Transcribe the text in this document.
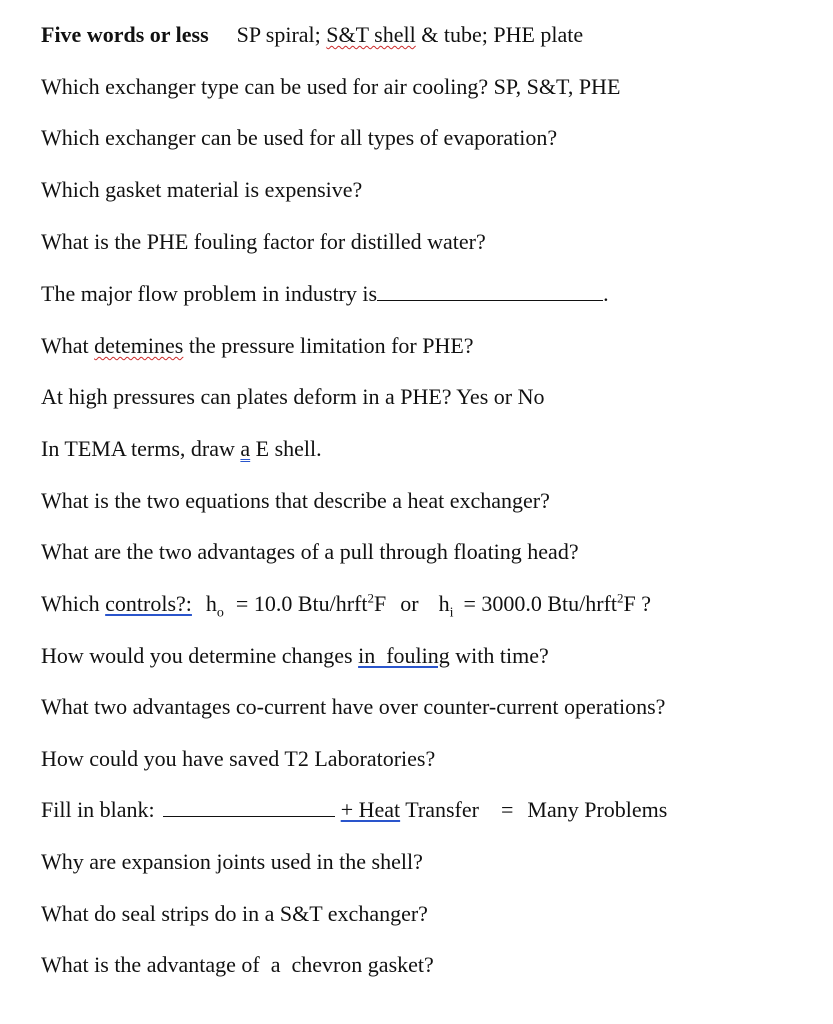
Five words or less SP spiral; S&T shell & tube; PHE plate
Which exchanger type can be used for air cooling? SP, S&T, PHE
Which exchanger can be used for all types of evaporation?
Which gasket material is expensive?
What is the PHE fouling factor for distilled water?
The major flow problem in industry is	.
What detemines the pressure limitation for PHE?
At high pressures can plates deform in a PHE? Yes or No
In TEMA terms, draw a E shell.
What is the two equations that describe a heat exchanger?
What are the two advantages of a pull through floating head?
Which controls?: $h_o = 10.0$ Btu/hrft$^2$F or $h_i = 3000.0$ Btu/hrft$^2$F ?
How would you determine changes in  fouling with time?
What two advantages co-current have over counter-current operations?
How could you have saved T2 Laboratories?
Fill in blank:	+ Heat Transfer = Many Problems
Why are expansion joints used in the shell?
What do seal strips do in a S&T exchanger?
What is the advantage of  a  chevron gasket?
